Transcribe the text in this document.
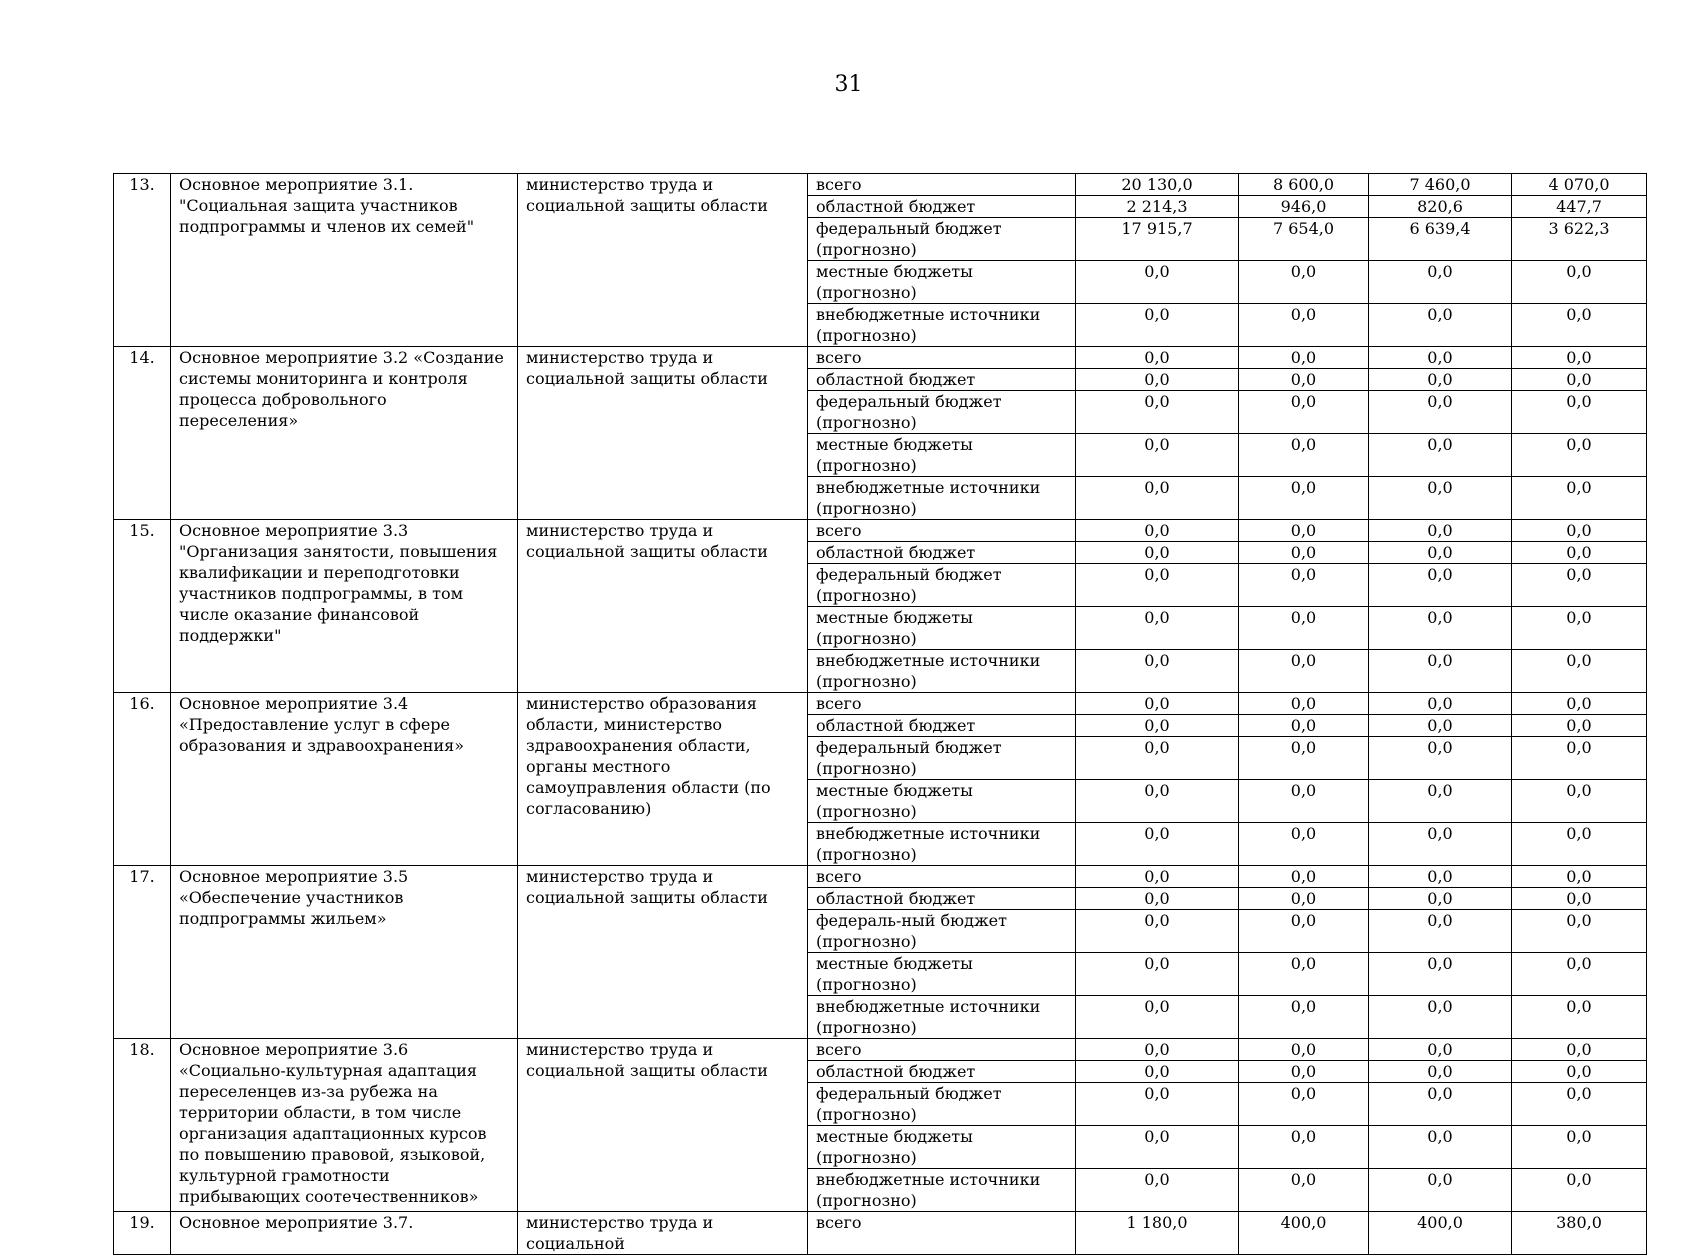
31
13.	Основное мероприятие 3.1. "Социальная защита участников подпрограммы и членов их семей"	министерство труда и социальной защиты области	всего	20 130,0	8 600,0	7 460,0	4 070,0
			областной бюджет	2 214,3	946,0	820,6	447,7
			федеральный бюджет (прогнозно)	17 915,7	7 654,0	6 639,4	3 622,3
			местные бюджеты (прогнозно)	0,0	0,0	0,0	0,0
			внебюджетные источники (прогнозно)	0,0	0,0	0,0	0,0
14.	Основное мероприятие 3.2 «Создание системы мониторинга и контроля процесса добровольного переселения»	министерство труда и социальной защиты области	всего	0,0	0,0	0,0	0,0
			областной бюджет	0,0	0,0	0,0	0,0
			федеральный бюджет (прогнозно)	0,0	0,0	0,0	0,0
			местные бюджеты (прогнозно)	0,0	0,0	0,0	0,0
			внебюджетные источники (прогнозно)	0,0	0,0	0,0	0,0
15.	Основное мероприятие 3.3 "Организация занятости, повышения квалификации и переподготовки участников подпрограммы, в том числе оказание финансовой поддержки"	министерство труда и социальной защиты области	всего	0,0	0,0	0,0	0,0
			областной бюджет	0,0	0,0	0,0	0,0
			федеральный бюджет (прогнозно)	0,0	0,0	0,0	0,0
			местные бюджеты (прогнозно)	0,0	0,0	0,0	0,0
			внебюджетные источники (прогнозно)	0,0	0,0	0,0	0,0
16.	Основное мероприятие 3.4 «Предоставление услуг в сфере образования и здравоохранения»	министерство образования области, министерство здравоохранения области, органы местного самоуправления области (по согласованию)	всего	0,0	0,0	0,0	0,0
			областной бюджет	0,0	0,0	0,0	0,0
			федеральный бюджет (прогнозно)	0,0	0,0	0,0	0,0
			местные бюджеты (прогнозно)	0,0	0,0	0,0	0,0
			внебюджетные источники (прогнозно)	0,0	0,0	0,0	0,0
17.	Основное мероприятие 3.5 «Обеспечение участников подпрограммы жильем»	министерство труда и социальной защиты области	всего	0,0	0,0	0,0	0,0
			областной бюджет	0,0	0,0	0,0	0,0
			федераль-ный бюджет (прогнозно)	0,0	0,0	0,0	0,0
			местные бюджеты (прогнозно)	0,0	0,0	0,0	0,0
			внебюджетные источники (прогнозно)	0,0	0,0	0,0	0,0
18.	Основное мероприятие 3.6 «Социально-культурная адаптация переселенцев из-за рубежа на территории области, в том числе организация адаптационных курсов по повышению правовой, языковой, культурной грамотности прибывающих соотечественников»	министерство труда и социальной защиты области	всего	0,0	0,0	0,0	0,0
			областной бюджет	0,0	0,0	0,0	0,0
			федеральный бюджет (прогнозно)	0,0	0,0	0,0	0,0
			местные бюджеты (прогнозно)	0,0	0,0	0,0	0,0
			внебюджетные источники (прогнозно)	0,0	0,0	0,0	0,0
19.	Основное мероприятие 3.7.	министерство труда и социальной	всего	1 180,0	400,0	400,0	380,0
